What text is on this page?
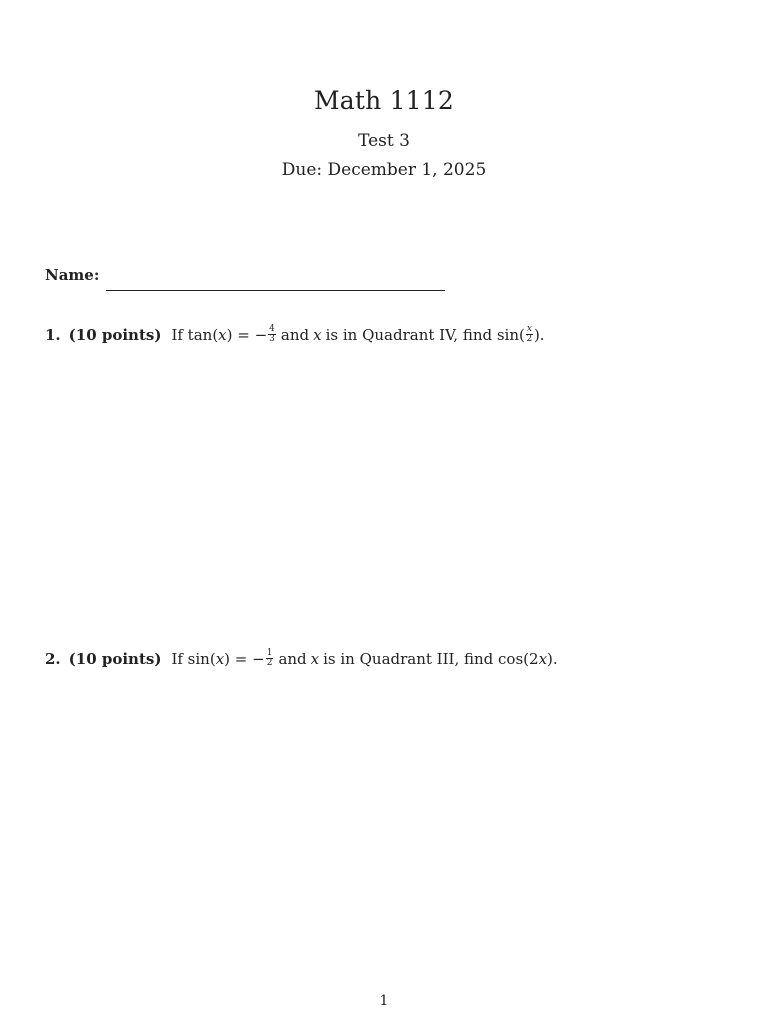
Math 1112
Test 3
Due: December 1, 2025
Name:
1. (10 points) If tan( x ) = − $\frac{4}{3}$ and x is in Quadrant IV, find $\sin( \frac{x}{2}$ ).
2. (10 points) If sin( x ) = − $\frac{1}{2}$ and x is in Quadrant III, find cos(2 x ).
1
